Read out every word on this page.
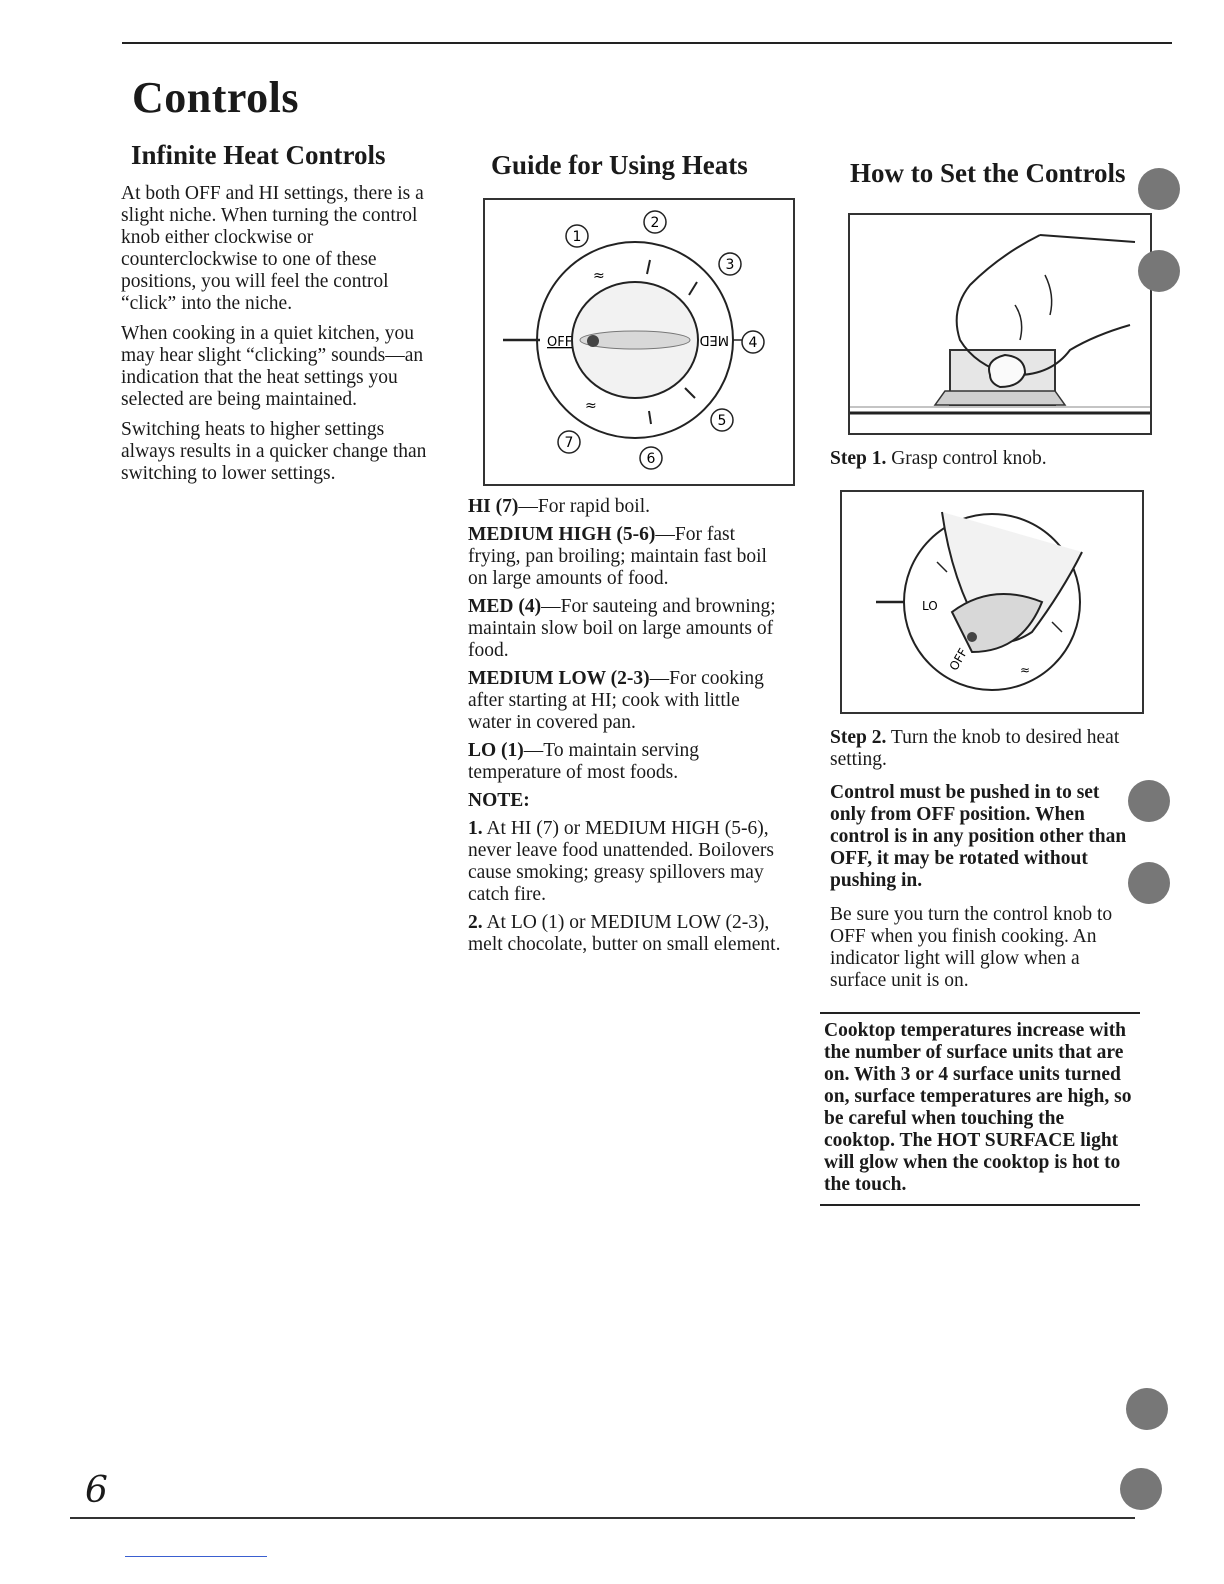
Controls
Infinite Heat Controls

At both OFF and HI settings, there is a slight niche. When turning the control knob either clockwise or counterclockwise to one of these positions, you will feel the control “click” into the niche.

When cooking in a quiet kitchen, you may hear slight “clicking” sounds—an indication that the heat settings you selected are being maintained.

Switching heats to higher settings always results in a quicker change than switching to lower settings.

Guide for Using Heats
≈
≈
OFF	MED
1
2
3
4
5
6
7

HI (7)—For rapid boil.

MEDIUM HIGH (5-6)—For fast frying, pan broiling; maintain fast boil on large amounts of food.

MED (4)—For sauteing and browning; maintain slow boil on large amounts of food.

MEDIUM LOW (2-3)—For cooking after starting at HI; cook with little water in covered pan.

LO (1)—To maintain serving temperature of most foods.

NOTE:

1. At HI (7) or MEDIUM HIGH (5-6), never leave food unattended. Boilovers cause smoking; greasy spillovers may catch fire.

2. At LO (1) or MEDIUM LOW (2-3), melt chocolate, butter on small element.

How to Set the Controls
Step 1. Grasp control knob.
LO
OFF	≈
Step 2. Turn the knob to desired heat setting.
Control must be pushed in to set only from OFF position. When control is in any position other than OFF, it may be rotated without pushing in.
Be sure you turn the control knob to OFF when you finish cooking. An indicator light will glow when a surface unit is on.
Cooktop temperatures increase with the number of surface units that are on. With 3 or 4 surface units turned on, surface temperatures are high, so be careful when touching the cooktop. The HOT SURFACE light will glow when the cooktop is hot to the touch.
6
